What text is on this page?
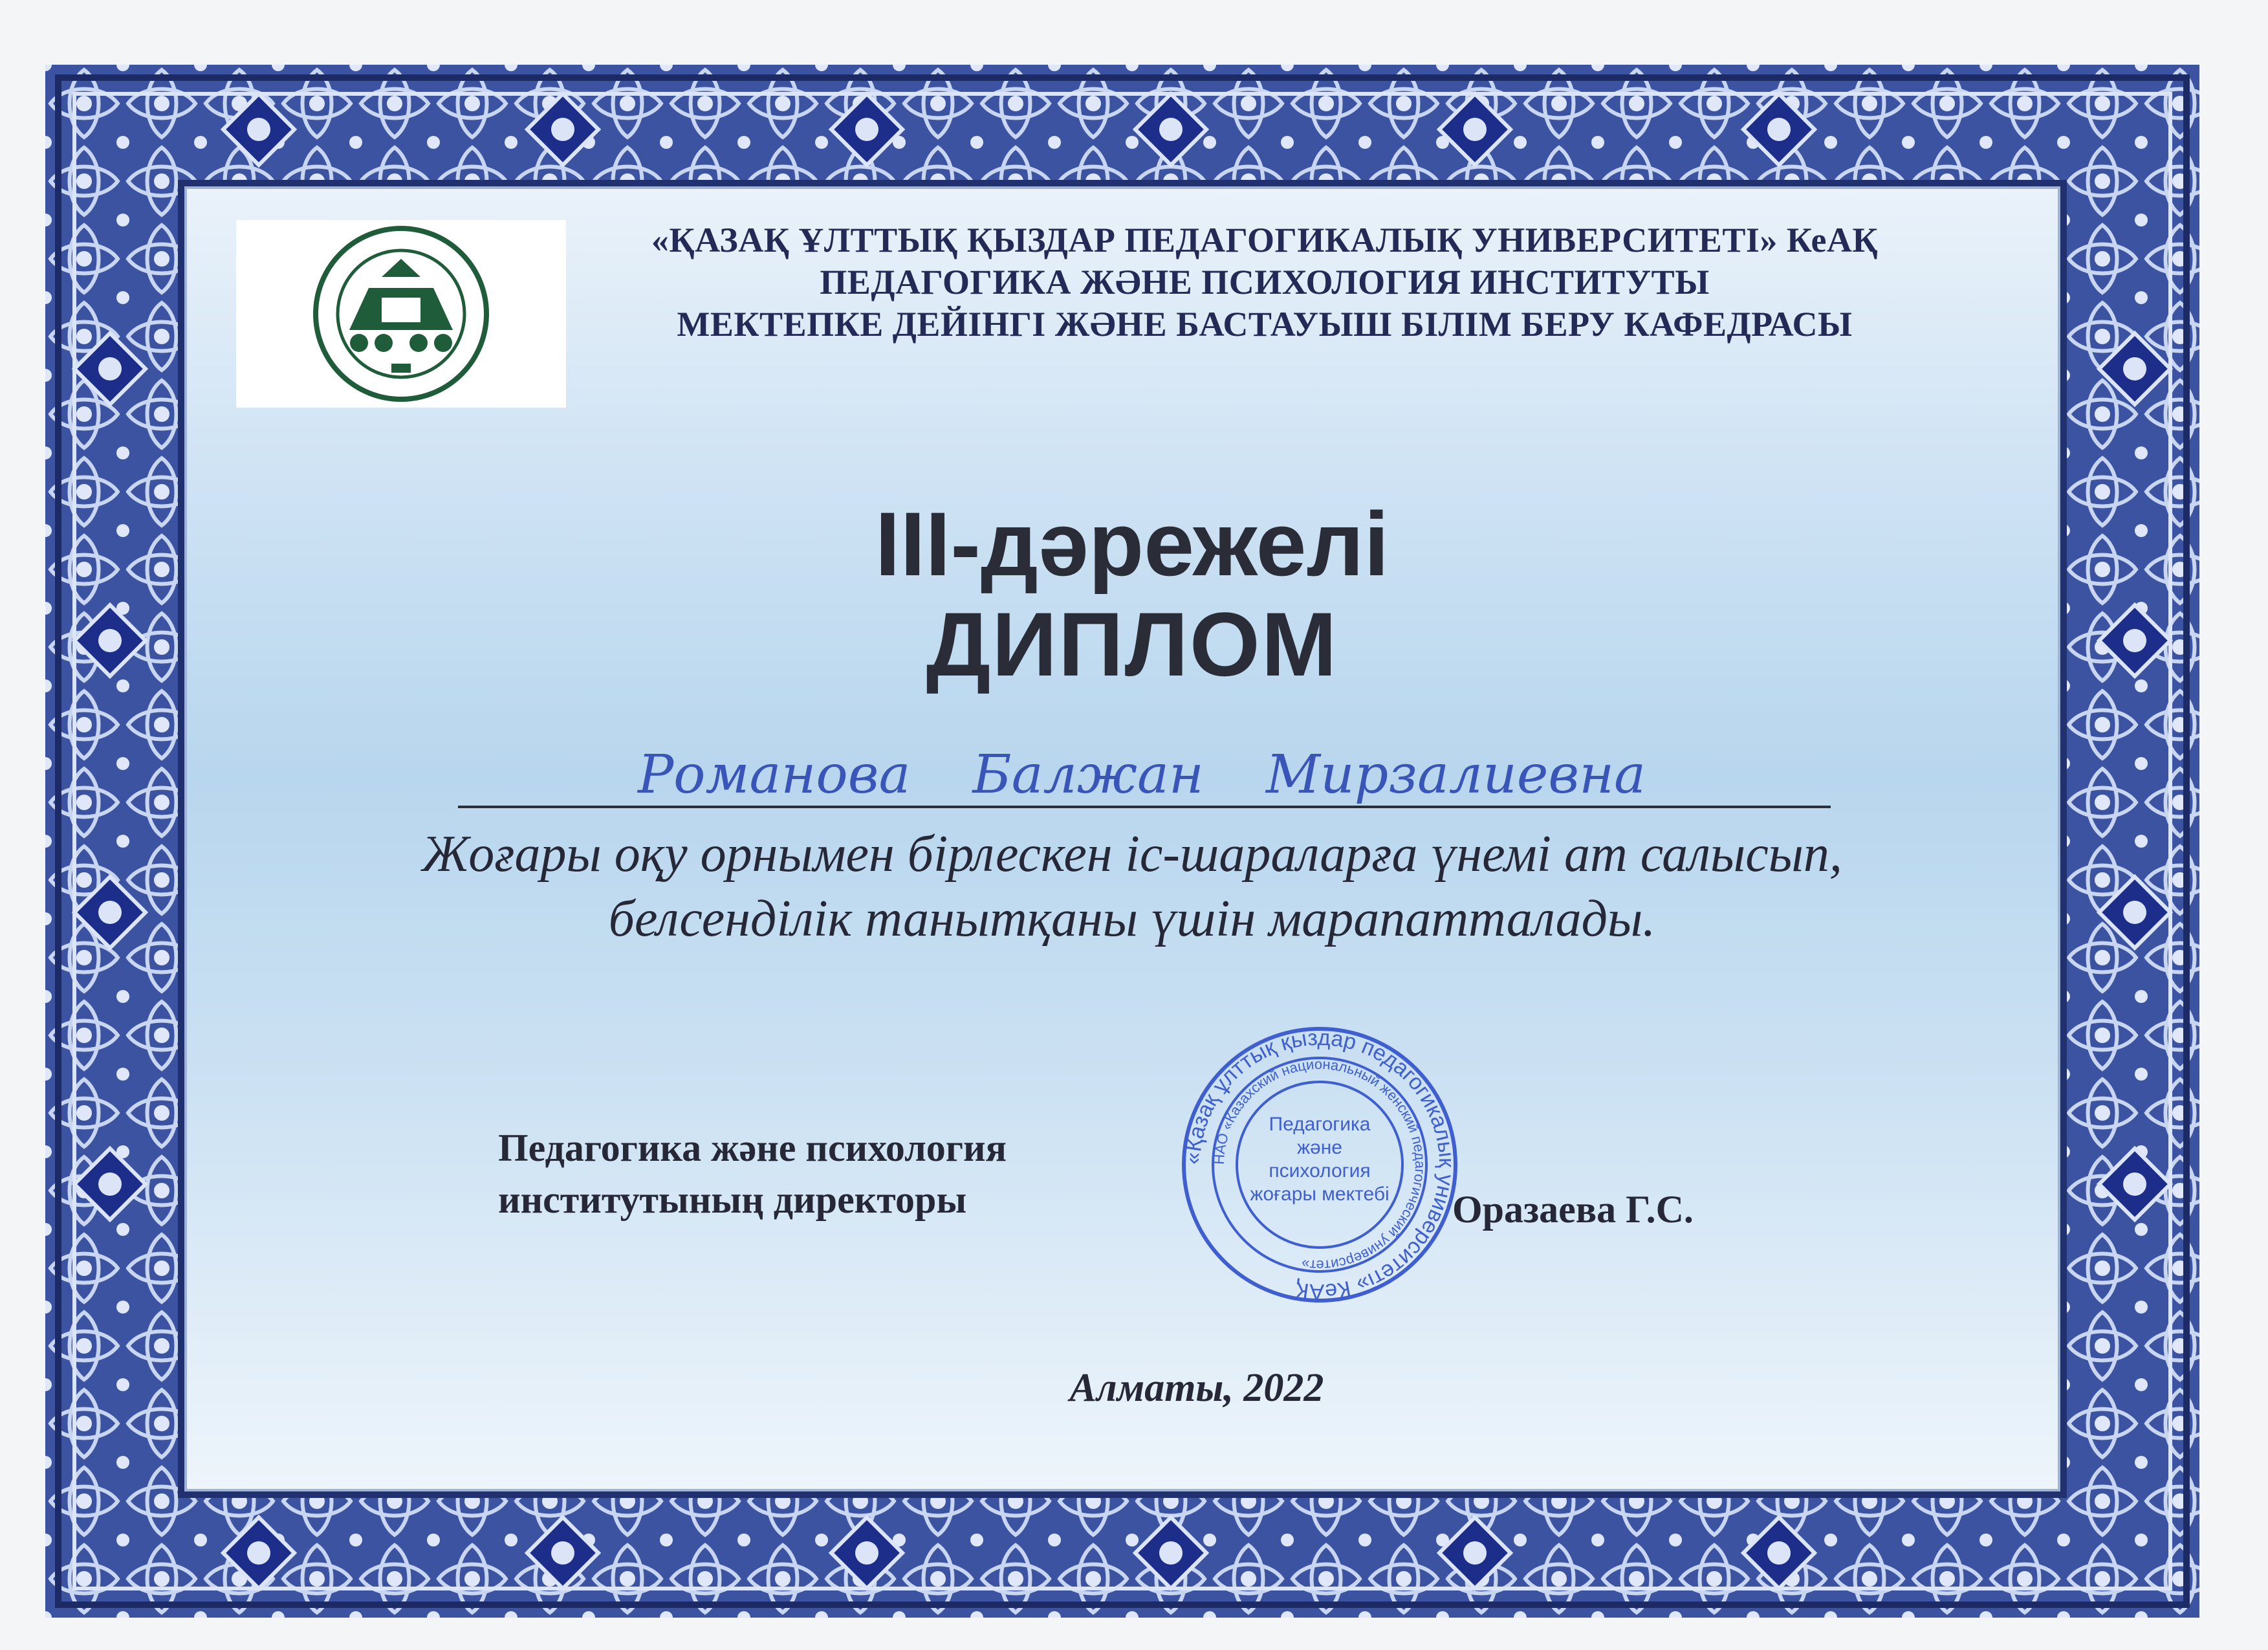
«ҚАЗАҚ ҰЛТТЫҚ ҚЫЗДАР ПЕДАГОГИКАЛЫҚ УНИВЕРСИТЕТІ» КеАҚ
ПЕДАГОГИКА ЖӘНЕ ПСИХОЛОГИЯ ИНСТИТУТЫ
МЕКТЕПКЕ ДЕЙІНГІ ЖӘНЕ БАСТАУЫШ БІЛІМ БЕРУ КАФЕДРАСЫ
ІІІ-дәрежелі
ДИПЛОМ
Романова Балжан Мирзалиевна
Жоғары оқу орнымен бірлескен іс-шараларға үнемі ат салысып,
белсенділік танытқаны үшін марапатталады.
Педагогика және психология
институтының директоры	Оразаева Г.С.
«Қазақ ұлттық қыздар педагогикалық университеті» КеАҚ
НАО «Казахский национальный женский педагогический университет»
Педагогика және психология жоғары мектебі
Алматы, 2022
